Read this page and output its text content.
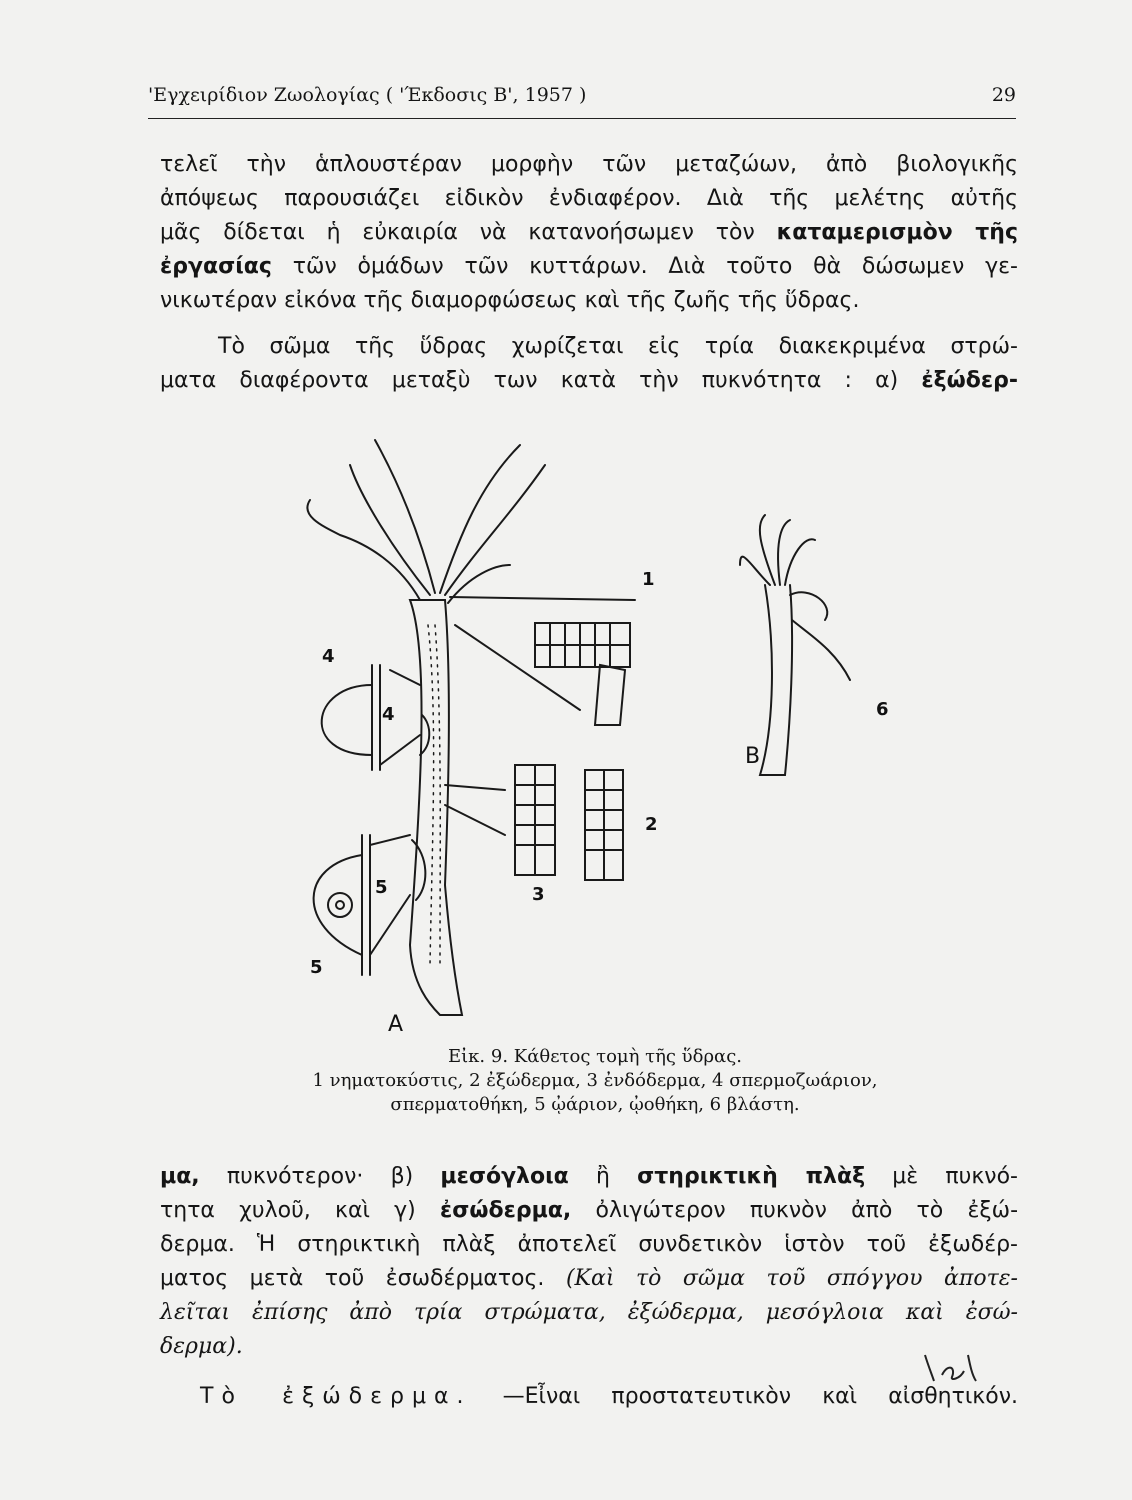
'Εγχειρίδιον Ζωολογίας ( 'Έκδοσις Β', 1957 )	29
τελεῖ τὴν ἁπλουστέραν μορφὴν τῶν μεταζώων, ἀπὸ βιολογικῆς
ἀπόψεως παρουσιάζει εἰδικὸν ἐνδιαφέρον. Διὰ τῆς μελέτης αὐτῆς
μᾶς δίδεται ἡ εὐκαιρία νὰ κατανοήσωμεν τὸν καταμερισμὸν τῆς
ἐργασίας τῶν ὁμάδων τῶν κυττάρων. Διὰ τοῦτο θὰ δώσωμεν γε-
νικωτέραν εἰκόνα τῆς διαμορφώσεως καὶ τῆς ζωῆς τῆς ὕδρας.
Τὸ σῶμα τῆς ὕδρας χωρίζεται εἰς τρία διακεκριμένα στρώ-
ματα διαφέροντα μεταξὺ των κατὰ τὴν πυκνότητα : α) ἐξώδερ-
1
2
3
4
4
5
5
6
A
B
Εἰκ. 9. Κάθετος τομὴ τῆς ὕδρας.
1 νηματοκύστις, 2 ἐξώδερμα, 3 ἐνδόδερμα, 4 σπερμοζωάριον,
σπερματοθήκη, 5 ᾠάριον, ᾠοθήκη, 6 βλάστη.
μα, πυκνότερον· β) μεσόγλοια ἢ στηρικτικὴ πλὰξ μὲ πυκνό-
τητα χυλοῦ, καὶ γ) ἐσώδερμα, ὀλιγώτερον πυκνὸν ἀπὸ τὸ ἐξώ-
δερμα. Ἡ στηρικτικὴ πλὰξ ἀποτελεῖ συνδετικὸν ἱστὸν τοῦ ἐξωδέρ-
ματος μετὰ τοῦ ἐσωδέρματος. (Καὶ τὸ σῶμα τοῦ σπόγγου ἀποτε-
λεῖται ἐπίσης ἀπὸ τρία στρώματα, ἐξώδερμα, μεσόγλοια καὶ ἐσώ-
δερμα).
Τὸ ἐξώδερμα. —Εἶναι προστατευτικὸν καὶ αἰσθητικόν.
